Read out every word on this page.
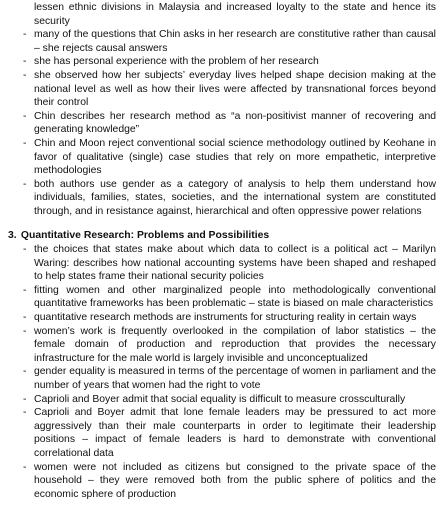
lessen ethnic divisions in Malaysia and increased loyalty to the state and hence its security
- many of the questions that Chin asks in her research are constitutive rather than causal – she rejects causal answers
- she has personal experience with the problem of her research
- she observed how her subjects’ everyday lives helped shape decision making at the national level as well as how their lives were affected by transnational forces beyond their control
- Chin describes her research method as “a non-positivist manner of recovering and generating knowledge”
- Chin and Moon reject conventional social science methodology outlined by Keohane in favor of qualitative (single) case studies that rely on more empathetic, interpretive methodologies
- both authors use gender as a category of analysis to help them understand how individuals, families, states, societies, and the international system are constituted through, and in resistance against, hierarchical and often oppressive power relations
3. Quantitative Research: Problems and Possibilities
- the choices that states make about which data to collect is a political act – Marilyn Waring: describes how national accounting systems have been shaped and reshaped to help states frame their national security policies
- fitting women and other marginalized people into methodologically conventional quantitative frameworks has been problematic – state is biased on male characteristics
- quantitative research methods are instruments for structuring reality in certain ways
- women’s work is frequently overlooked in the compilation of labor statistics – the female domain of production and reproduction that provides the necessary infrastructure for the male world is largely invisible and unconceptualized
- gender equality is measured in terms of the percentage of women in parliament and the number of years that women had the right to vote
- Caprioli and Boyer admit that social equality is difficult to measure crossculturally
- Caprioli and Boyer admit that lone female leaders may be pressured to act more aggressively than their male counterparts in order to legitimate their leadership positions – impact of female leaders is hard to demonstrate with conventional correlational data
- women were not included as citizens but consigned to the private space of the household – they were removed both from the public sphere of politics and the economic sphere of production
